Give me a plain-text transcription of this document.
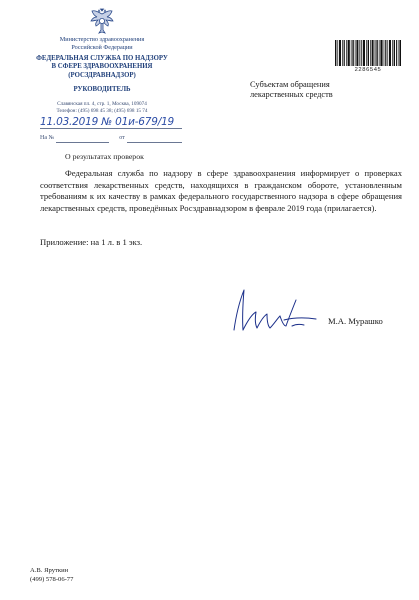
Министерство здравоохранения
Российской Федерации
ФЕДЕРАЛЬНАЯ СЛУЖБА ПО НАДЗОРУ
В СФЕРЕ ЗДРАВООХРАНЕНИЯ
(РОСЗДРАВНАДЗОР)
РУКОВОДИТЕЛЬ
Славянская пл. 4, стр. 1, Москва, 109074
Телефон: (495) 698 45 38; (495) 698 15 74
11.03.2019 № 01и-679/19
На №	от
О результатах проверок
2286545
Субъектам обращения
лекарственных средств
Федеральная служба по надзору в сфере здравоохранения информирует о проверках соответствия лекарственных средств, находящихся в гражданском обороте, установленным требованиям к их качеству в рамках федерального государственного надзора в сфере обращения лекарственных средств, проведённых Росздравнадзором в феврале 2019 года (прилагается).
Приложение: на 1 л. в 1 экз.
М.А. Мурашко
А.В. Яруткин
(499) 578-06-77
